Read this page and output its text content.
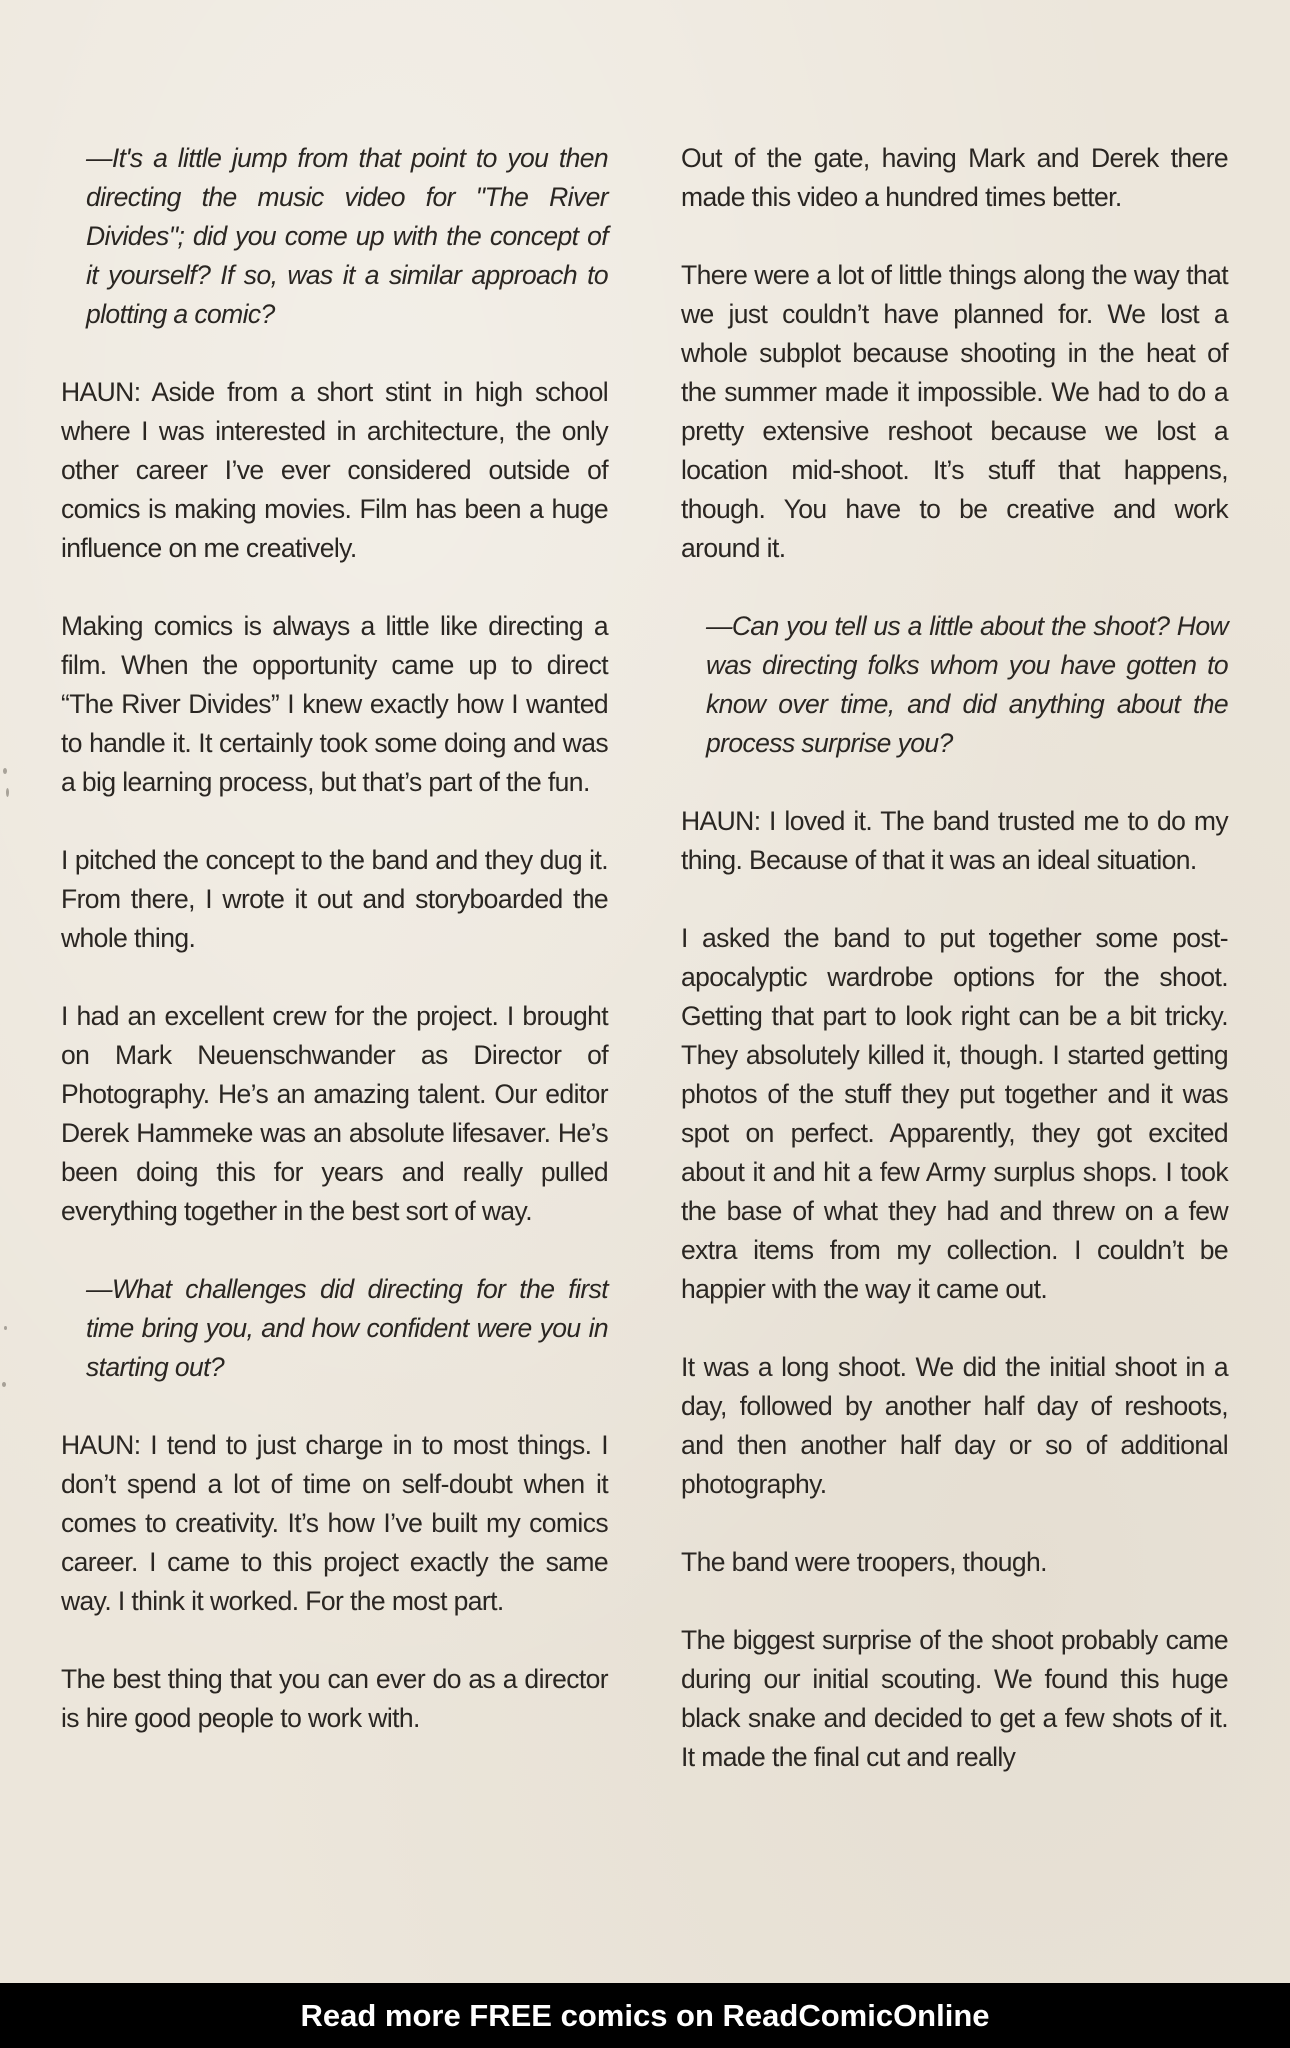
—It's a little jump from that point to you then directing the music video for "The River Divides"; did you come up with the concept of it yourself? If so, was it a similar approach to plotting a comic?

HAUN: Aside from a short stint in high school where I was interested in architecture, the only other career I’ve ever considered outside of comics is making movies. Film has been a huge influence on me creatively.

Making comics is always a little like directing a film. When the opportunity came up to direct “The River Divides” I knew exactly how I wanted to handle it. It certainly took some doing and was a big learning process, but that’s part of the fun.

I pitched the concept to the band and they dug it. From there, I wrote it out and storyboarded the whole thing.

I had an excellent crew for the project. I brought on Mark Neuenschwander as Director of Photography. He’s an amazing talent. Our editor Derek Hammeke was an absolute lifesaver. He’s been doing this for years and really pulled everything together in the best sort of way.

—What challenges did directing for the first time bring you, and how confident were you in starting out?

HAUN: I tend to just charge in to most things. I don’t spend a lot of time on self-doubt when it comes to creativity. It’s how I’ve built my comics career. I came to this project exactly the same way. I think it worked. For the most part.

The best thing that you can ever do as a director is hire good people to work with.

Out of the gate, having Mark and Derek there made this video a hundred times better.

There were a lot of little things along the way that we just couldn’t have planned for. We lost a whole subplot because shooting in the heat of the summer made it impossible. We had to do a pretty extensive reshoot because we lost a location mid-shoot. It’s stuff that happens, though. You have to be creative and work around it.

—Can you tell us a little about the shoot? How was directing folks whom you have gotten to know over time, and did anything about the process surprise you?

HAUN: I loved it. The band trusted me to do my thing. Because of that it was an ideal situation.

I asked the band to put together some post-apocalyptic wardrobe options for the shoot. Getting that part to look right can be a bit tricky. They absolutely killed it, though. I started getting photos of the stuff they put together and it was spot on perfect. Apparently, they got excited about it and hit a few Army surplus shops. I took the base of what they had and threw on a few extra items from my collection. I couldn’t be happier with the way it came out.

It was a long shoot. We did the initial shoot in a day, followed by another half day of reshoots, and then another half day or so of additional photography.

The band were troopers, though.

The biggest surprise of the shoot probably came during our initial scouting. We found this huge black snake and decided to get a few shots of it. It made the final cut and really

Read more FREE comics on ReadComicOnline
